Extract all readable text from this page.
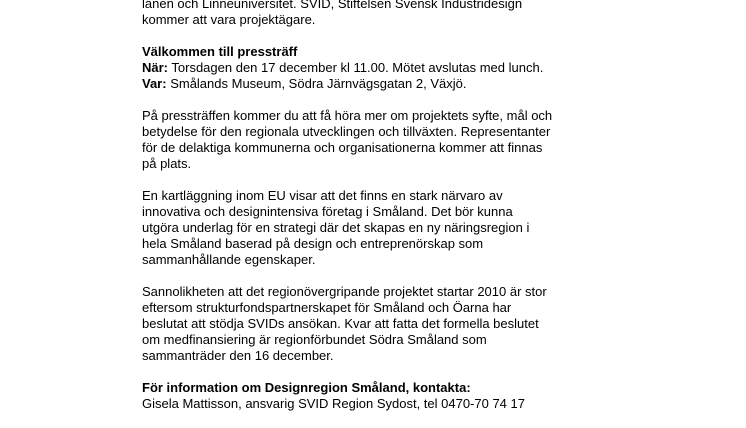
länen och Linneuniversitet. SVID, Stiftelsen Svensk Industridesign
kommer att vara projektägare.
Välkommen till pressträff
När: Torsdagen den 17 december kl 11.00. Mötet avslutas med lunch.
Var: Smålands Museum, Södra Järnvägsgatan 2, Växjö.
På pressträffen kommer du att få höra mer om projektets syfte, mål och
betydelse för den regionala utvecklingen och tillväxten. Representanter
för de delaktiga kommunerna och organisationerna kommer att finnas
på plats.
En kartläggning inom EU visar att det finns en stark närvaro av
innovativa och designintensiva företag i Småland. Det bör kunna
utgöra underlag för en strategi där det skapas en ny näringsregion i
hela Småland baserad på design och entreprenörskap som
sammanhållande egenskaper.
Sannolikheten att det regionövergripande projektet startar 2010 är stor
eftersom strukturfondspartnerskapet för Småland och Öarna har
beslutat att stödja SVIDs ansökan. Kvar att fatta det formella beslutet
om medfinansiering är regionförbundet Södra Småland som
sammanträder den 16 december.
För information om Designregion Småland, kontakta:
Gisela Mattisson, ansvarig SVID Region Sydost, tel 0470-70 74 17
